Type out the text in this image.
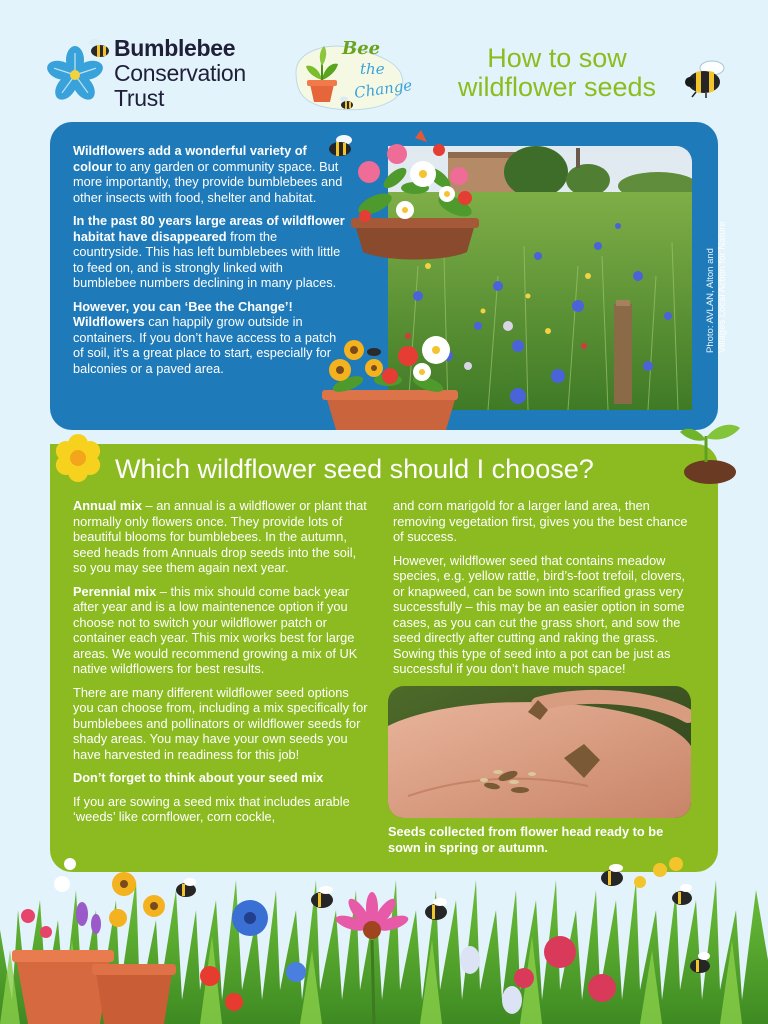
Bumblebee
Conservation
Trust
Bee
the
Change
How to sow
wildflower seeds

Wildflowers add a wonderful variety of colour to any garden or community space. But more importantly, they provide bumblebees and other insects with food, shelter and habitat.

In the past 80 years large areas of wildflower habitat have disappeared from the countryside. This has left bumblebees with little to feed on, and is strongly linked with bumblebee numbers declining in many places.

However, you can ‘Bee the Change’! Wildflowers can happily grow outside in containers. If you don’t have access to a patch of soil, it’s a great place to start, especially for balconies or a paved area.

Photo: AVLAN, Alton and Villages Local Action for Nature
Which wildflower seed should I choose?

Annual mix – an annual is a wildflower or plant that normally only flowers once. They provide lots of beautiful blooms for bumblebees. In the autumn, seed heads from Annuals drop seeds into the soil, so you may see them again next year.

Perennial mix – this mix should come back year after year and is a low maintenence option if you choose not to switch your wildflower patch or container each year. This mix works best for large areas. We would recommend growing a mix of UK native wildflowers for best results.

There are many different wildflower seed options you can choose from, including a mix specifically for bumblebees and pollinators or wildflower seeds for shady areas. You may have your own seeds you have harvested in readiness for this job!

Don’t forget to think about your seed mix

If you are sowing a seed mix that includes arable ‘weeds’ like cornflower, corn cockle,

and corn marigold for a larger land area, then removing vegetation first, gives you the best chance of success.

However, wildflower seed that contains meadow species, e.g. yellow rattle, bird’s-foot trefoil, clovers, or knapweed, can be sown into scarified grass very successfully – this may be an easier option in some cases, as you can cut the grass short, and sow the seed directly after cutting and raking the grass. Sowing this type of seed into a pot can be just as successful if you don’t have much space!

Seeds collected from flower head ready to be sown in spring or autumn.
